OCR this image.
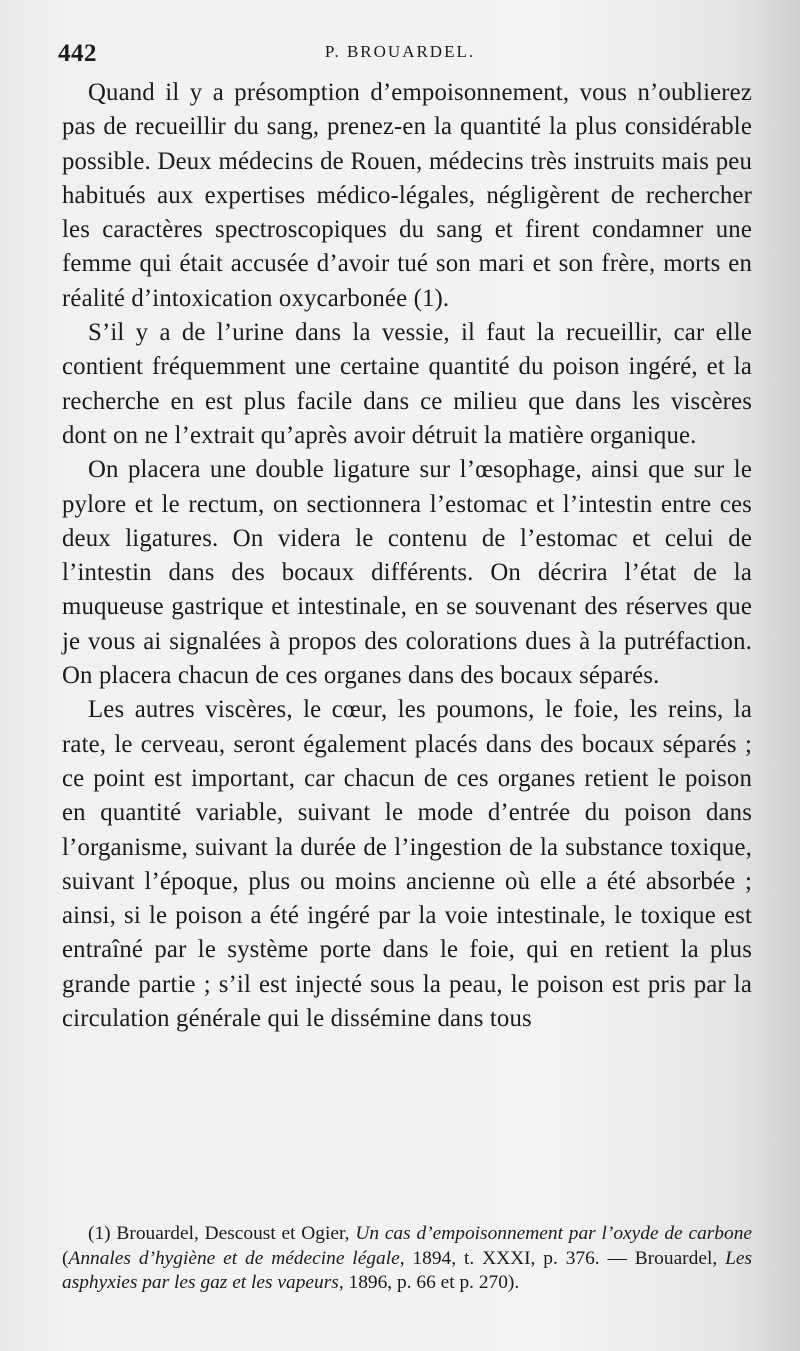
442	P. BROUARDEL.

Quand il y a présomption d’empoisonnement, vous n’oublierez pas de recueillir du sang, prenez-en la quantité la plus considérable possible. Deux médecins de Rouen, médecins très instruits mais peu habitués aux expertises médico-légales, négligèrent de rechercher les caractères spectroscopiques du sang et firent condamner une femme qui était accusée d’avoir tué son mari et son frère, morts en réalité d’intoxication oxycarbonée (1).

S’il y a de l’urine dans la vessie, il faut la recueillir, car elle contient fréquemment une certaine quantité du poison ingéré, et la recherche en est plus facile dans ce milieu que dans les viscères dont on ne l’extrait qu’après avoir détruit la matière organique.

On placera une double ligature sur l’œsophage, ainsi que sur le pylore et le rectum, on sectionnera l’estomac et l’intestin entre ces deux ligatures. On videra le contenu de l’estomac et celui de l’intestin dans des bocaux différents. On décrira l’état de la muqueuse gastrique et intestinale, en se souvenant des réserves que je vous ai signalées à propos des colorations dues à la putréfaction. On placera chacun de ces organes dans des bocaux séparés.

Les autres viscères, le cœur, les poumons, le foie, les reins, la rate, le cerveau, seront également placés dans des bocaux séparés ; ce point est important, car chacun de ces organes retient le poison en quantité variable, suivant le mode d’entrée du poison dans l’organisme, suivant la durée de l’ingestion de la substance toxique, suivant l’époque, plus ou moins ancienne où elle a été absorbée ; ainsi, si le poison a été ingéré par la voie intestinale, le toxique est entraîné par le système porte dans le foie, qui en retient la plus grande partie ; s’il est injecté sous la peau, le poison est pris par la circulation générale qui le dissémine dans tous

(1) Brouardel, Descoust et Ogier, Un cas d’empoisonnement par l’oxyde de carbone (Annales d’hygiène et de médecine légale, 1894, t. XXXI, p. 376. — Brouardel, Les asphyxies par les gaz et les vapeurs, 1896, p. 66 et p. 270).
